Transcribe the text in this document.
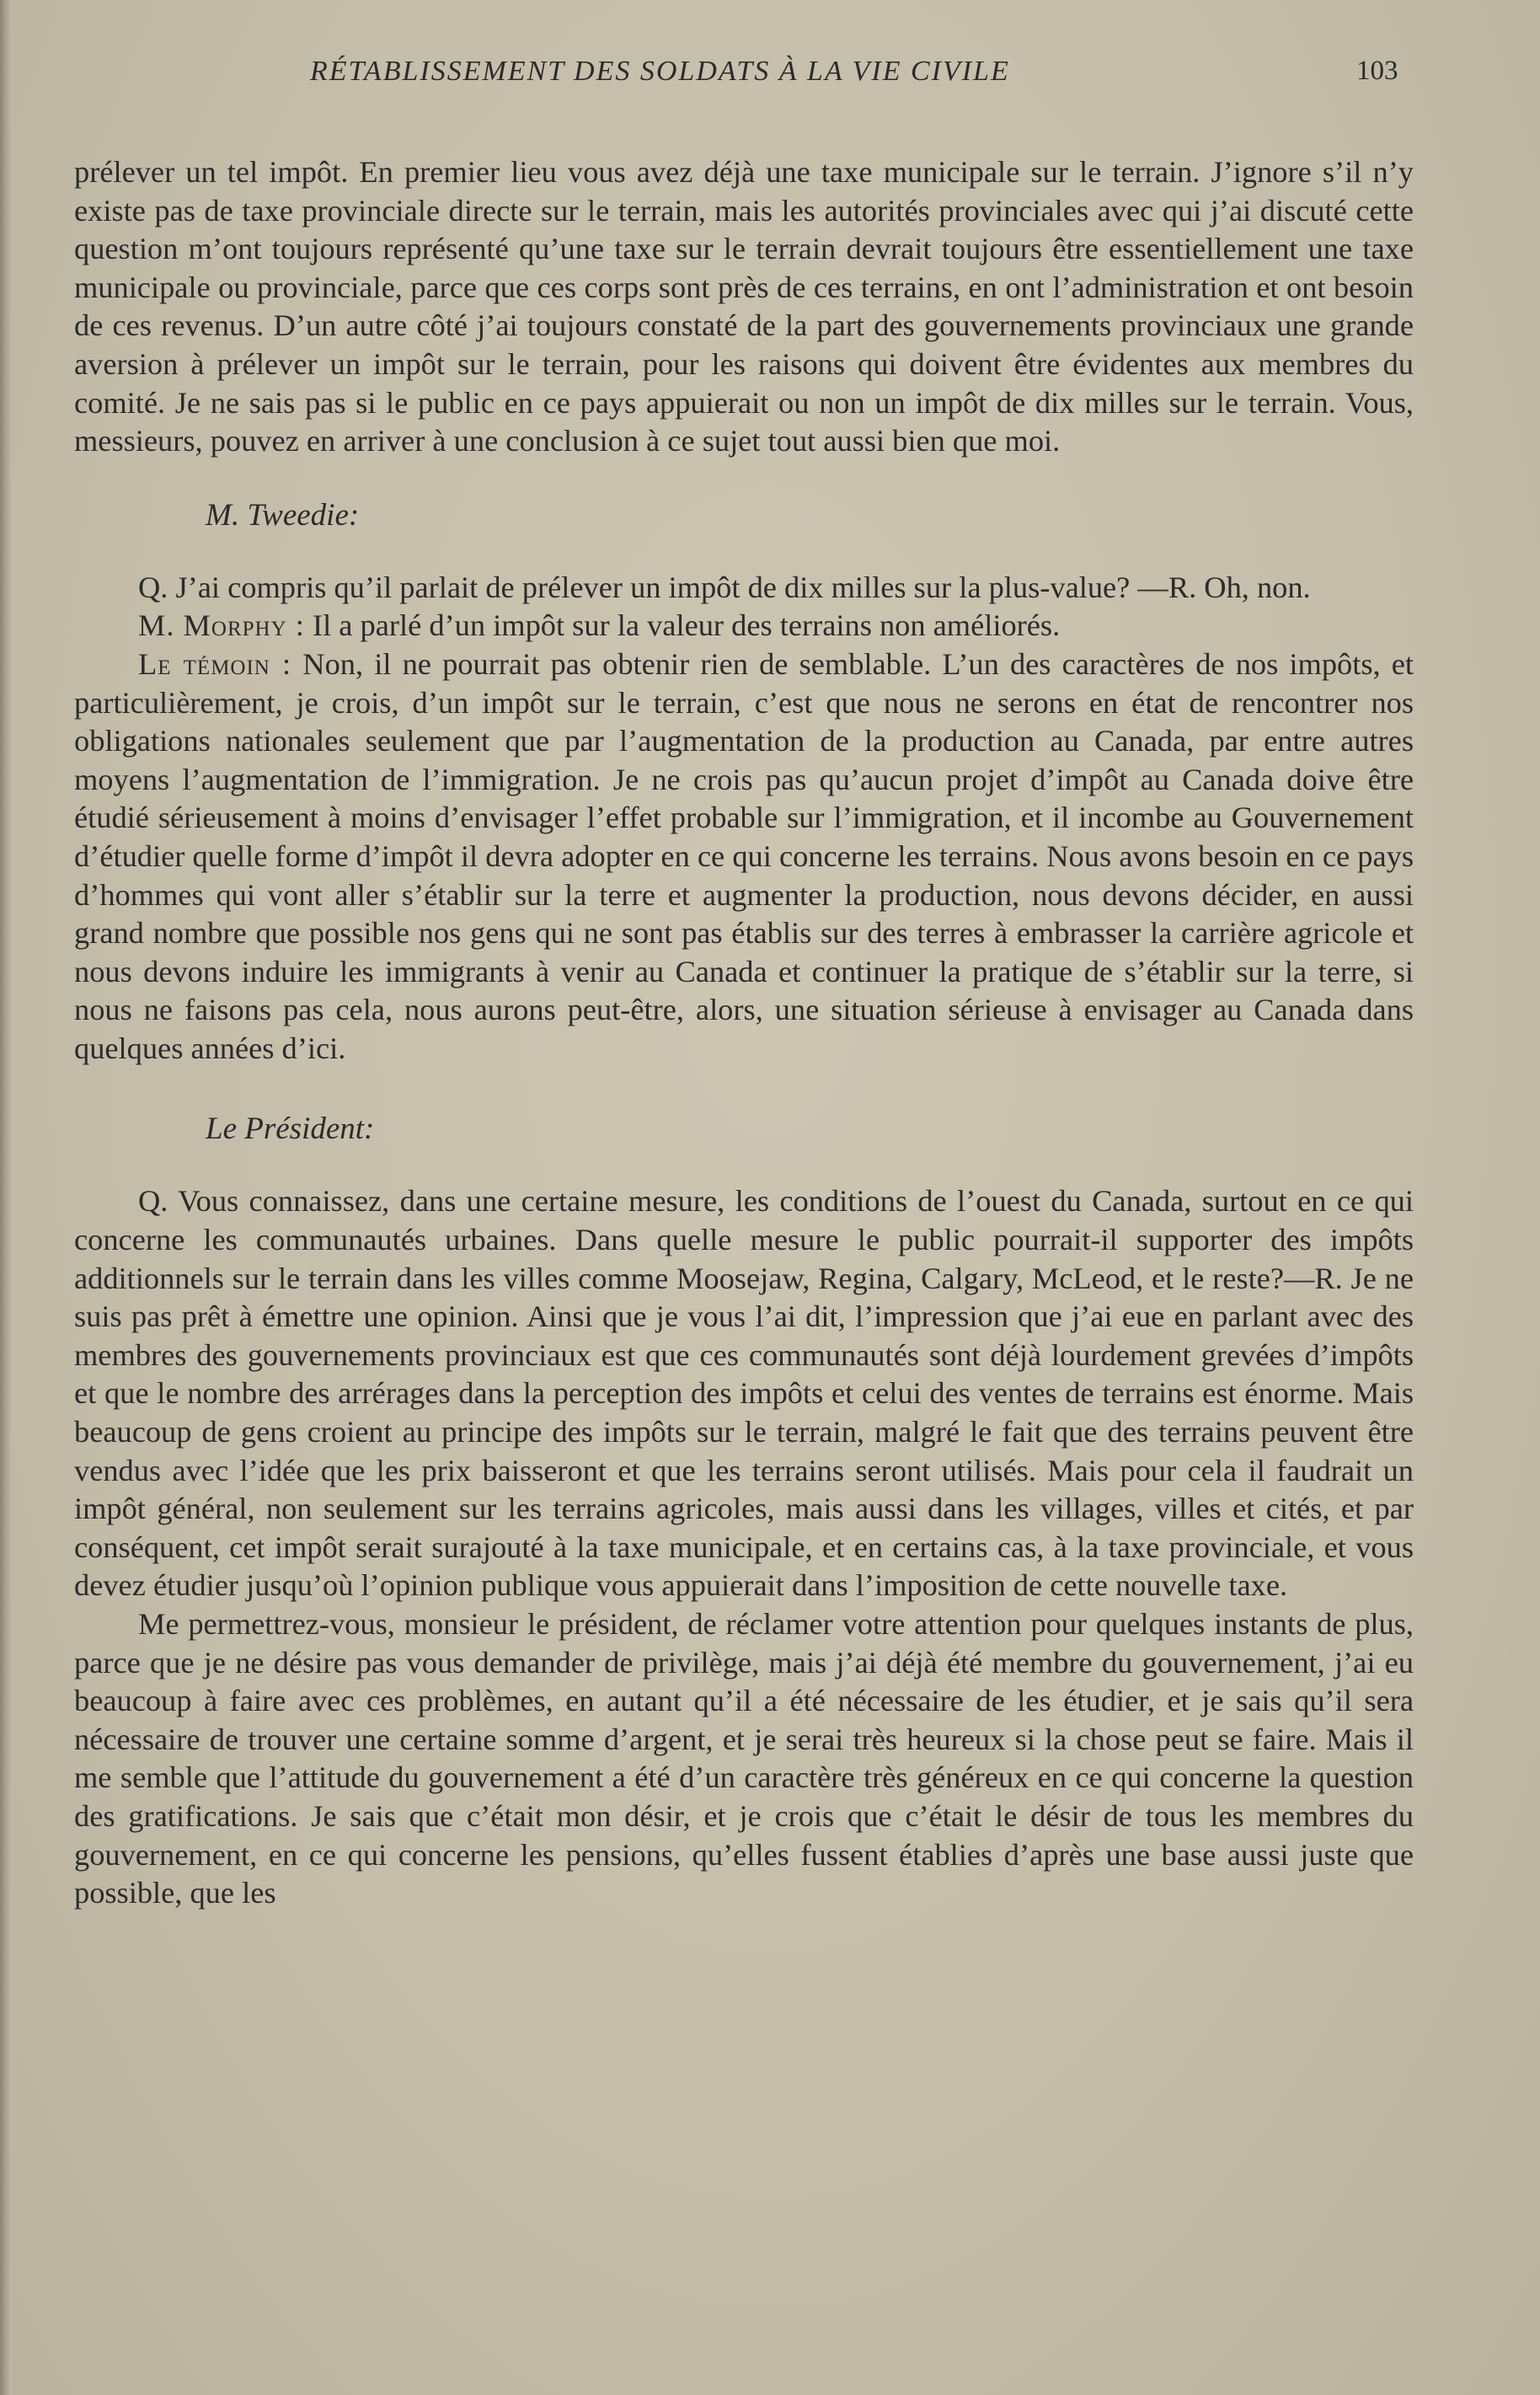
RÉTABLISSEMENT DES SOLDATS À LA VIE CIVILE	103

prélever un tel impôt. En premier lieu vous avez déjà une taxe municipale sur le terrain. J’ignore s’il n’y existe pas de taxe provinciale directe sur le terrain, mais les autorités provinciales avec qui j’ai discuté cette question m’ont toujours représenté qu’une taxe sur le terrain devrait toujours être essentiellement une taxe municipale ou provinciale, parce que ces corps sont près de ces terrains, en ont l’administration et ont besoin de ces revenus. D’un autre côté j’ai toujours constaté de la part des gouvernements provinciaux une grande aversion à prélever un impôt sur le terrain, pour les raisons qui doivent être évidentes aux membres du comité. Je ne sais pas si le public en ce pays appuierait ou non un impôt de dix milles sur le terrain. Vous, messieurs, pouvez en arriver à une conclusion à ce sujet tout aussi bien que moi.

M. Tweedie:

Q. J’ai compris qu’il parlait de prélever un impôt de dix milles sur la plus-value? —R. Oh, non.

M. Morphy : Il a parlé d’un impôt sur la valeur des terrains non améliorés.

Le témoin : Non, il ne pourrait pas obtenir rien de semblable. L’un des caractères de nos impôts, et particulièrement, je crois, d’un impôt sur le terrain, c’est que nous ne serons en état de rencontrer nos obligations nationales seulement que par l’augmentation de la production au Canada, par entre autres moyens l’augmentation de l’immigration. Je ne crois pas qu’aucun projet d’impôt au Canada doive être étudié sérieusement à moins d’envisager l’effet probable sur l’immigration, et il incombe au Gouvernement d’étudier quelle forme d’impôt il devra adopter en ce qui concerne les terrains. Nous avons besoin en ce pays d’hommes qui vont aller s’établir sur la terre et augmenter la production, nous devons décider, en aussi grand nombre que possible nos gens qui ne sont pas établis sur des terres à embrasser la carrière agricole et nous devons induire les immigrants à venir au Canada et continuer la pratique de s’établir sur la terre, si nous ne faisons pas cela, nous aurons peut-être, alors, une situation sérieuse à envisager au Canada dans quelques années d’ici.

Le Président:

Q. Vous connaissez, dans une certaine mesure, les conditions de l’ouest du Canada, surtout en ce qui concerne les communautés urbaines. Dans quelle mesure le public pourrait-il supporter des impôts additionnels sur le terrain dans les villes comme Moosejaw, Regina, Calgary, McLeod, et le reste?—R. Je ne suis pas prêt à émettre une opinion. Ainsi que je vous l’ai dit, l’impression que j’ai eue en parlant avec des membres des gouvernements provinciaux est que ces communautés sont déjà lourdement grevées d’impôts et que le nombre des arrérages dans la perception des impôts et celui des ventes de terrains est énorme. Mais beaucoup de gens croient au principe des impôts sur le terrain, malgré le fait que des terrains peuvent être vendus avec l’idée que les prix baisseront et que les terrains seront utilisés. Mais pour cela il faudrait un impôt général, non seulement sur les terrains agricoles, mais aussi dans les villages, villes et cités, et par conséquent, cet impôt serait surajouté à la taxe municipale, et en certains cas, à la taxe provinciale, et vous devez étudier jusqu’où l’opinion publique vous appuierait dans l’imposition de cette nouvelle taxe.

Me permettrez-vous, monsieur le président, de réclamer votre attention pour quelques instants de plus, parce que je ne désire pas vous demander de privilège, mais j’ai déjà été membre du gouvernement, j’ai eu beaucoup à faire avec ces problèmes, en autant qu’il a été nécessaire de les étudier, et je sais qu’il sera nécessaire de trouver une certaine somme d’argent, et je serai très heureux si la chose peut se faire. Mais il me semble que l’attitude du gouvernement a été d’un caractère très généreux en ce qui concerne la question des gratifications. Je sais que c’était mon désir, et je crois que c’était le désir de tous les membres du gouvernement, en ce qui concerne les pensions, qu’elles fussent établies d’après une base aussi juste que possible, que les
